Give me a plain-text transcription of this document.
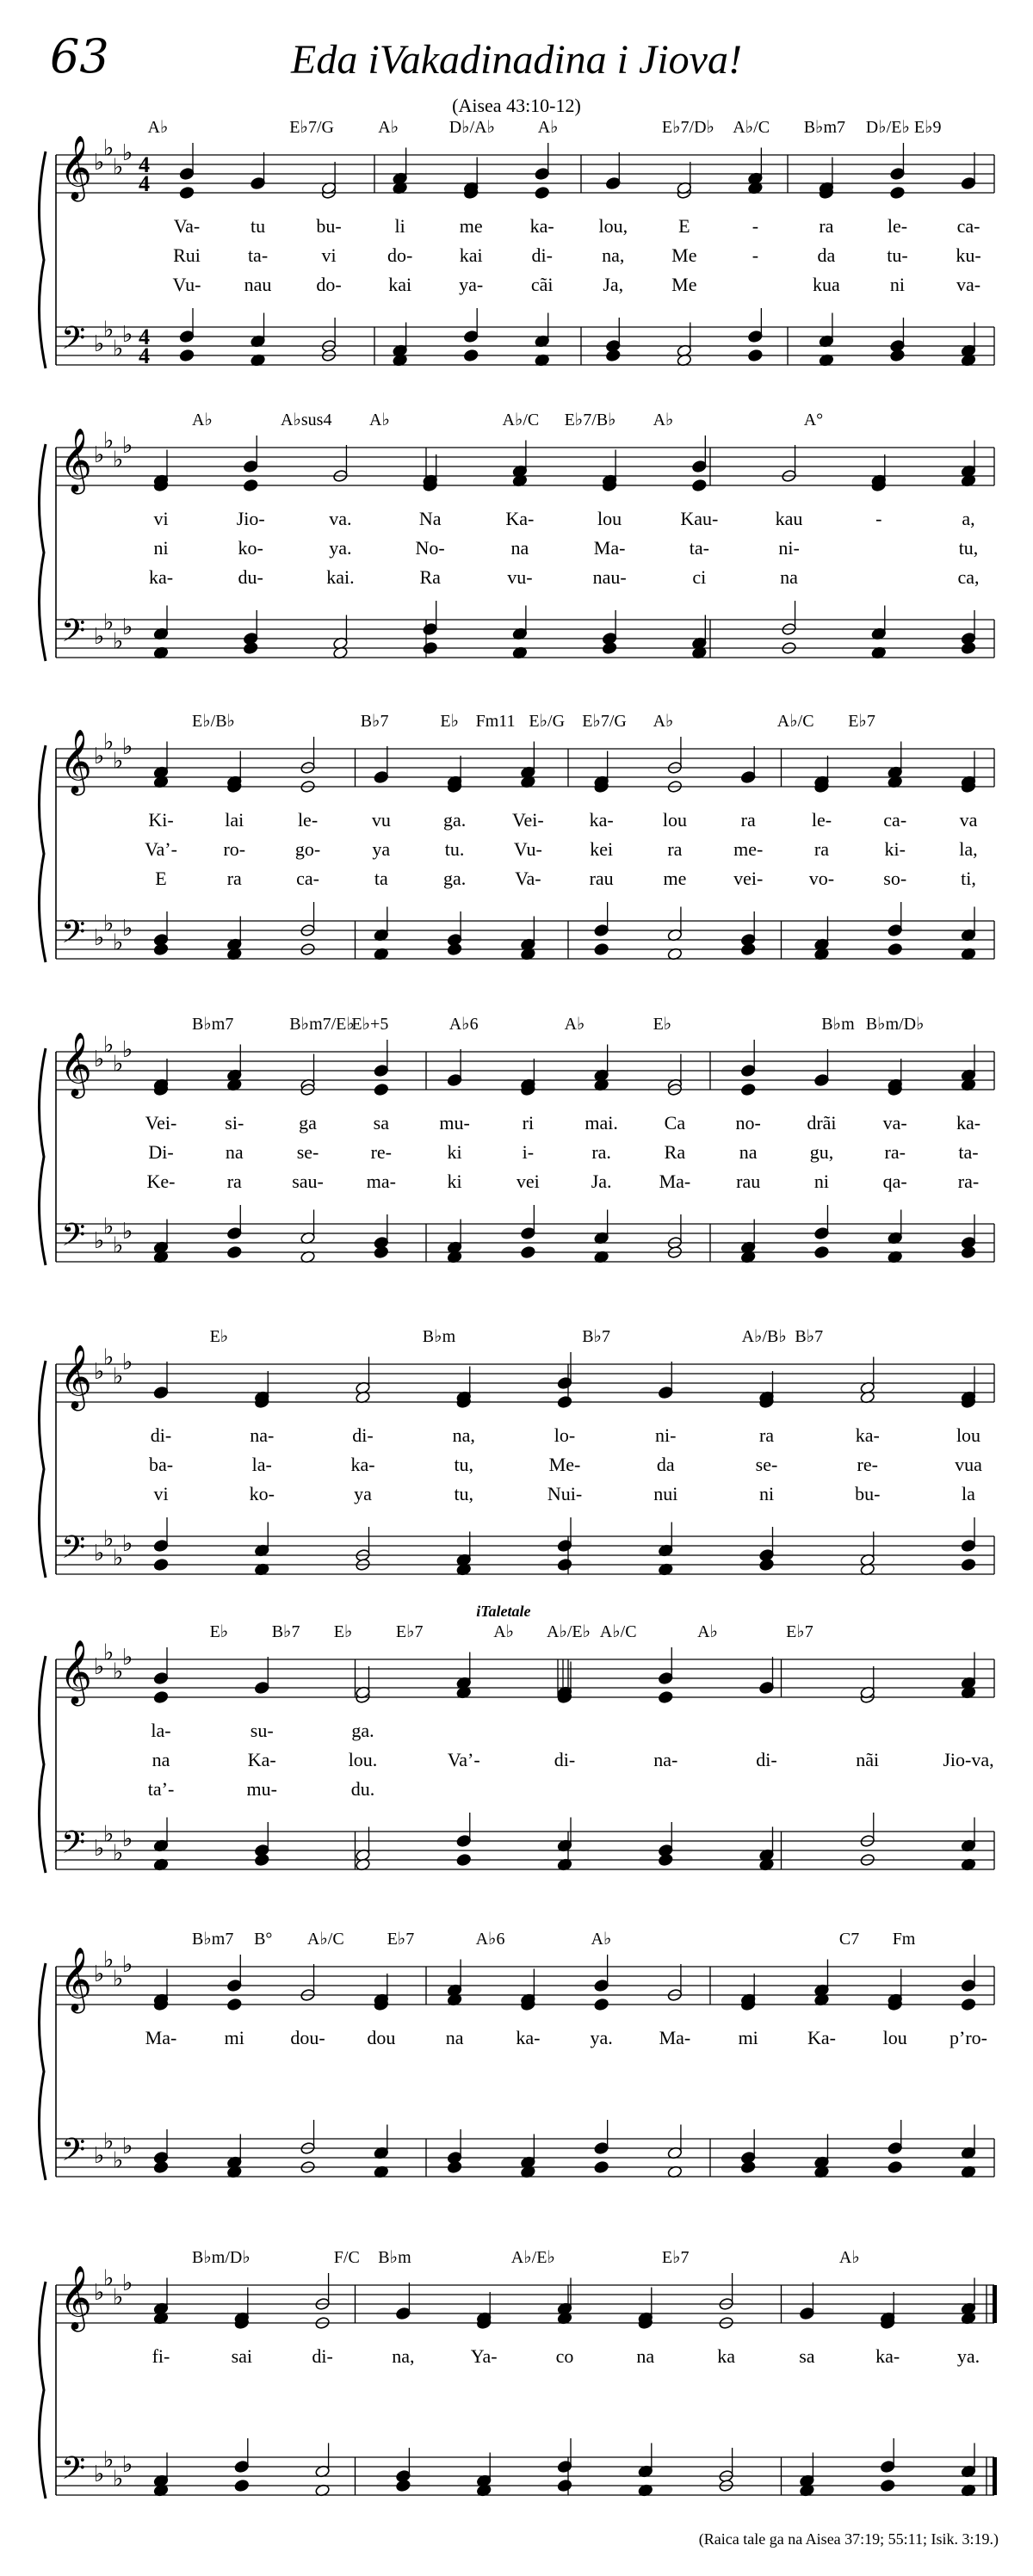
63	Eda iVakadinadina i Jiova!
(Aisea 43:10-12)
𝄞
𝄢
♭
♭
♭
♭
♭
♭
♭
♭
4
4
4
4
A♭	E♭7/G	A♭	D♭/A♭ A♭	E♭7/D♭ A♭/C B♭m7 D♭/E♭ E♭9
Va-
Rui
Vu-
tu
ta-
nau
bu-
vi
do-
li
do-
kai
me
kai
ya-
ka-
di-
cãi
lou,
na,
Ja,
E
Me
Me
-
-
ra
da
kua
le-
tu-
ni
ca-
ku-
va-
𝄞
𝄢
♭
♭
♭
♭
♭
♭
♭
♭
A♭	A♭sus4 A♭	A♭/C E♭7/B♭ A♭	A°
vi
ni
ka-
Jio-
ko-
du-
va.
ya.
kai.
Na
No-
Ra
Ka-
na
vu-
lou
Ma-
nau-
Kau-
ta-
ci
kau
ni-
na
-	a,
tu,
ca,
𝄞
𝄢
♭
♭
♭
♭
♭
♭
♭
♭
E♭/B♭	B♭7	E♭ Fm11 E♭/G E♭7/G A♭	A♭/C E♭7
Ki-
Va’-
E
lai
ro-
ra
le-
go-
ca-
vu
ya
ta
ga.
tu.
ga.
Vei-
Vu-
Va-
ka-
kei
rau
lou
ra
me
ra
me-
vei-
le-
ra
vo-
ca-
ki-
so-
va
la,
ti,
𝄞
𝄢
♭
♭
♭
♭
♭
♭
♭
♭
B♭m7	B♭m7/E♭
E♭+5	A♭6	A♭	E♭	B♭m B♭m/D♭
Vei-
Di-
Ke-
si-
na
ra
ga
se-
sau-
sa
re-
ma-
mu-
ki
ki
ri
i-
vei
mai.
ra.
Ja.
Ca
Ra
Ma-
no-
na
rau
drãi
gu,
ni
va-
ra-
qa-
ka-
ta-
ra-
𝄞
𝄢
♭
♭
♭
♭
♭
♭
♭
♭
E♭	B♭m	B♭7	A♭/B♭ B♭7
di-
ba-
vi
na-
la-
ko-
di-
ka-
ya
na,
tu,
tu,
lo-
Me-
Nui-
ni-
da
nui
ra
se-
ni
ka-
re-
bu-
lou
vua
la
𝄞
𝄢
♭
♭
♭
♭
♭
♭
♭
♭
E♭	B♭7 E♭	E♭7	A♭ A♭/E♭ A♭/C	A♭	E♭7
iTaletale
la-
na
ta’-
su-
Ka-
mu-
ga.
lou.
du.
Va’-	di-	na-	di-	nãi	Jio-va,
𝄞
𝄢
♭
♭
♭
♭
♭
♭
♭
♭
B♭m7 B° A♭/C E♭7	A♭6	A♭	C7 Fm
Ma-	mi dou- dou	na	ka-	ya. Ma-	mi	Ka- lou p’ro-
𝄞
𝄢
♭
♭
♭
♭
♭
♭
♭
♭
B♭m/D♭	F/C B♭m	A♭/E♭	E♭7	A♭
fi-	sai	di-	na,	Ya-	co	na	ka	sa	ka-	ya.
(Raica tale ga na Aisea 37:19; 55:11; Isik. 3:19.)
